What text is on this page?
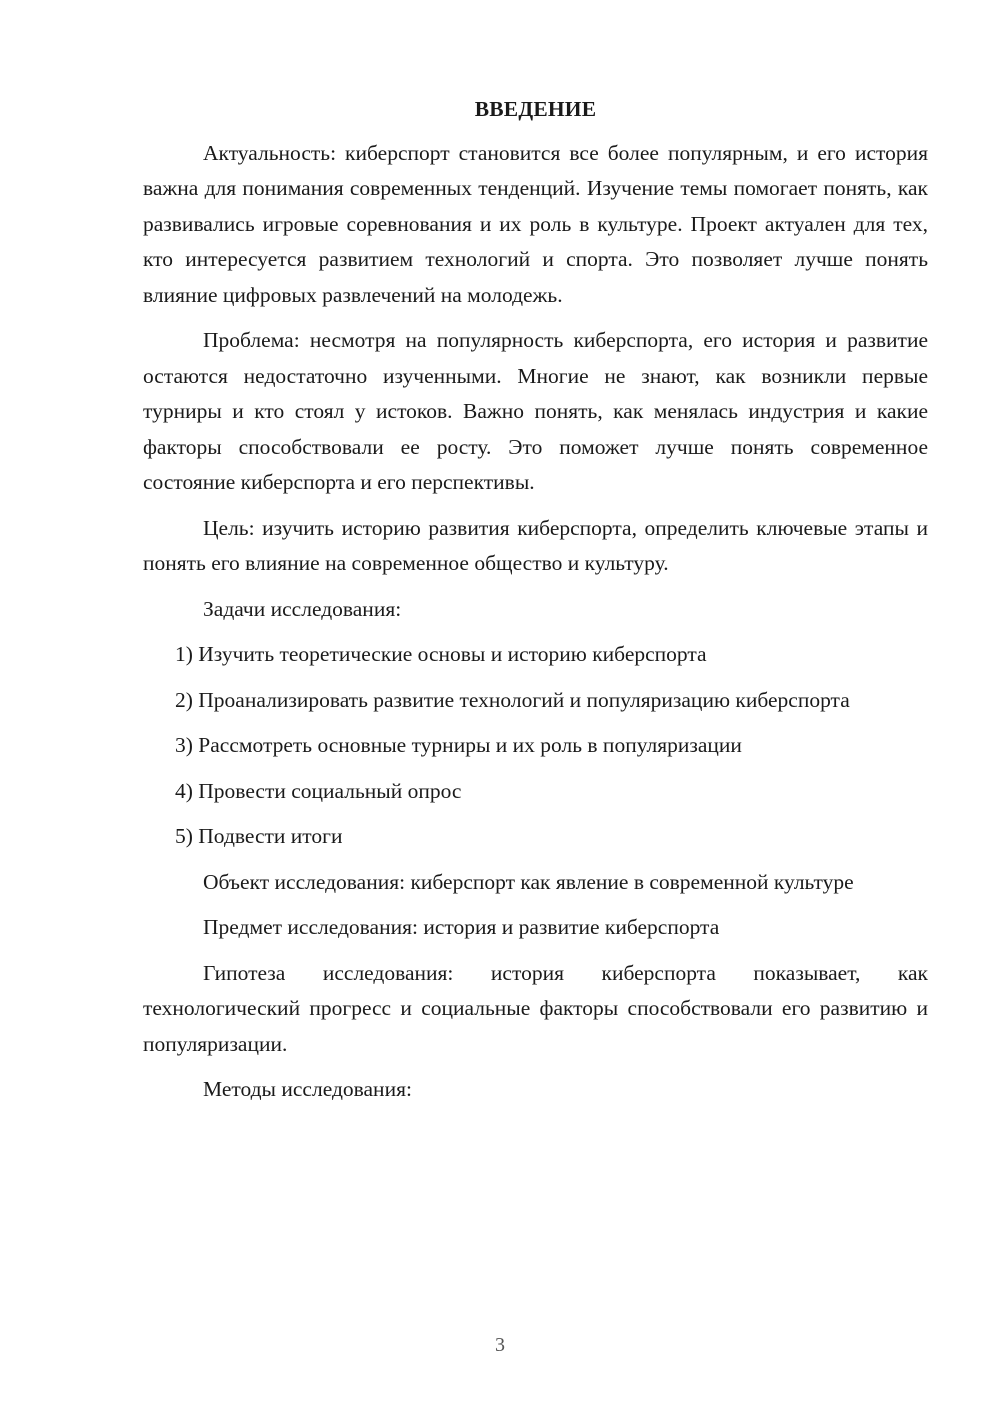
ВВЕДЕНИЕ

Актуальность: киберспорт становится все более популярным, и его история важна для понимания современных тенденций. Изучение темы помогает понять, как развивались игровые соревнования и их роль в культуре. Проект актуален для тех, кто интересуется развитием технологий и спорта. Это позволяет лучше понять влияние цифровых развлечений на молодежь.

Проблема: несмотря на популярность киберспорта, его история и развитие остаются недостаточно изученными. Многие не знают, как возникли первые турниры и кто стоял у истоков. Важно понять, как менялась индустрия и какие факторы способствовали ее росту. Это поможет лучше понять современное состояние киберспорта и его перспективы.

Цель: изучить историю развития киберспорта, определить ключевые этапы и понять его влияние на современное общество и культуру.

Задачи исследования:

1) Изучить теоретические основы и историю киберспорта

2) Проанализировать развитие технологий и популяризацию киберспорта

3) Рассмотреть основные турниры и их роль в популяризации

4) Провести социальный опрос

5) Подвести итоги

Объект исследования: киберспорт как явление в современной культуре

Предмет исследования: история и развитие киберспорта

Гипотеза исследования: история киберспорта показывает, как технологический прогресс и социальные факторы способствовали его развитию и популяризации.

Методы исследования:

3
